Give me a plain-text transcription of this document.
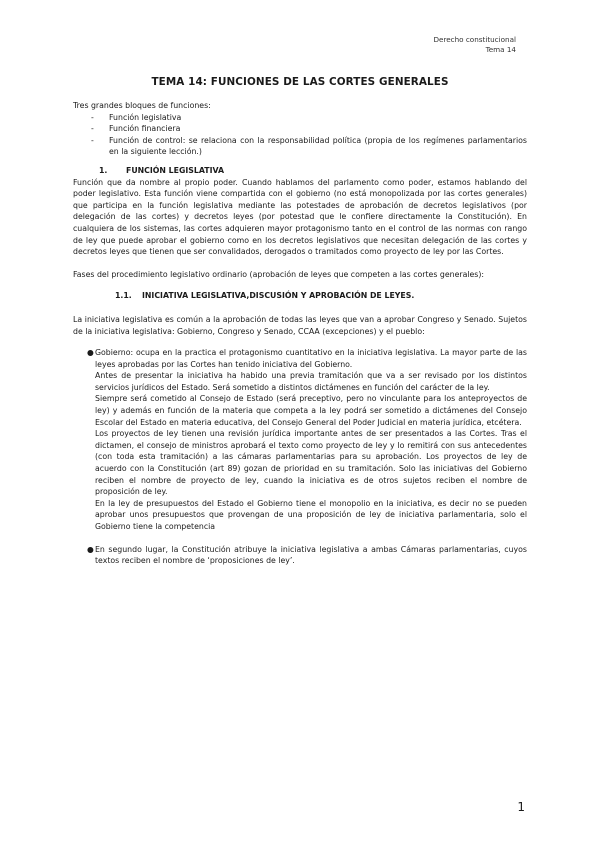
Derecho constitucional
Tema 14
TEMA 14: FUNCIONES DE LAS CORTES GENERALES

Tres grandes bloques de funciones:

- Función legislativa

- Función financiera

- Función de control: se relaciona con la responsabilidad política (propia de los regímenes parlamentarios en la siguiente lección.)

1. FUNCIÓN LEGISLATIVA

Función que da nombre al propio poder. Cuando hablamos del parlamento como poder, estamos hablando del poder legislativo. Esta función viene compartida con el gobierno (no está monopolizada por las cortes generales) que participa en la función legislativa mediante las potestades de aprobación de decretos legislativos (por delegación de las cortes) y decretos leyes (por potestad que le confiere directamente la Constitución). En cualquiera de los sistemas, las cortes adquieren mayor protagonismo tanto en el control de las normas con rango de ley que puede aprobar el gobierno como en los decretos legislativos que necesitan delegación de las cortes y decretos leyes que tienen que ser convalidados, derogados o tramitados como proyecto de ley por las Cortes.

Fases del procedimiento legislativo ordinario (aprobación de leyes que competen a las cortes generales):

1.1. INICIATIVA LEGISLATIVA,DISCUSIÓN Y APROBACIÓN DE LEYES.

La iniciativa legislativa es común a la aprobación de todas las leyes que van a aprobar Congreso y Senado. Sujetos de la iniciativa legislativa: Gobierno, Congreso y Senado, CCAA (excepciones) y el pueblo:

● Gobierno: ocupa en la practica el protagonismo cuantitativo en la iniciativa legislativa. La mayor parte de las leyes aprobadas por las Cortes han tenido iniciativa del Gobierno.

Antes de presentar la iniciativa ha habido una previa tramitación que va a ser revisado por los distintos servicios jurídicos del Estado. Será sometido a distintos dictámenes en función del carácter de la ley.

Siempre será cometido al Consejo de Estado (será preceptivo, pero no vinculante para los anteproyectos de ley) y además en función de la materia que competa a la ley podrá ser sometido a dictámenes del Consejo Escolar del Estado en materia educativa, del Consejo General del Poder Judicial en materia jurídica, etcétera.

Los proyectos de ley tienen una revisión jurídica importante antes de ser presentados a las Cortes. Tras el dictamen, el consejo de ministros aprobará el texto como proyecto de ley y lo remitirá con sus antecedentes (con toda esta tramitación) a las cámaras parlamentarias para su aprobación. Los proyectos de ley de acuerdo con la Constitución (art 89) gozan de prioridad en su tramitación. Solo las iniciativas del Gobierno reciben el nombre de proyecto de ley, cuando la iniciativa es de otros sujetos reciben el nombre de proposición de ley.

En la ley de presupuestos del Estado el Gobierno tiene el monopolio en la iniciativa, es decir no se pueden aprobar unos presupuestos que provengan de una proposición de ley de iniciativa parlamentaria, solo el Gobierno tiene la competencia

● En segundo lugar, la Constitución atribuye la iniciativa legislativa a ambas Cámaras parlamentarias, cuyos textos reciben el nombre de ‘proposiciones de ley’.

1
